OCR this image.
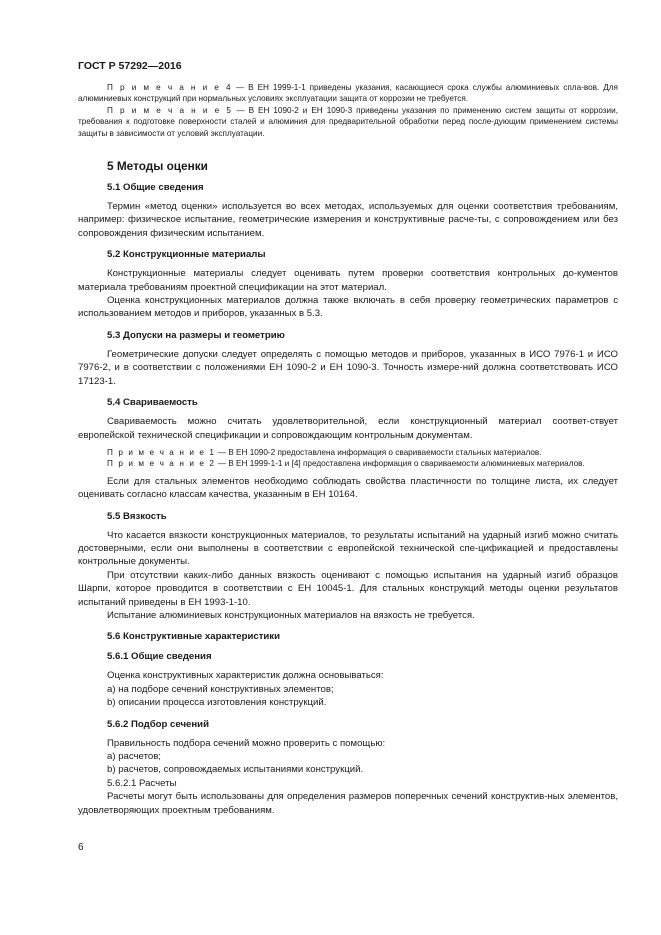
ГОСТ Р 57292—2016

П р и м е ч а н и е 4 — В ЕН 1999-1-1 приведены указания, касающиеся срока службы алюминиевых спла-вов. Для алюминиевых конструкций при нормальных условиях эксплуатации защита от коррозии не требуется.

П р и м е ч а н и е 5 — В ЕН 1090-2 и ЕН 1090-3 приведены указания по применению систем защиты от коррозии, требования к подготовке поверхности сталей и алюминия для предварительной обработки перед после-дующим применением системы защиты в зависимости от условий эксплуатации.

5 Методы оценки
5.1 Общие сведения

Термин «метод оценки» используется во всех методах, используемых для оценки соответствия требованиям, например: физическое испытание, геометрические измерения и конструктивные расче-ты, с сопровождением или без сопровождения физическим испытанием.

5.2 Конструкционные материалы

Конструкционные материалы следует оценивать путем проверки соответствия контрольных до-кументов материала требованиям проектной спецификации на этот материал.

Оценка конструкционных материалов должна также включать в себя проверку геометрических параметров с использованием методов и приборов, указанных в 5.3.

5.3 Допуски на размеры и геометрию

Геометрические допуски следует определять с помощью методов и приборов, указанных в ИСО 7976-1 и ИСО 7976-2, и в соответствии с положениями ЕН 1090-2 и ЕН 1090-3. Точность измере-ний должна соответствовать ИСО 17123-1.

5.4 Свариваемость

Свариваемость можно считать удовлетворительной, если конструкционный материал соответ-ствует европейской технической спецификации и сопровождающим контрольным документам.

П р и м е ч а н и е 1 — В ЕН 1090-2 предоставлена информация о свариваемости стальных материалов.

П р и м е ч а н и е 2 — В ЕН 1999-1-1 и [4] предоставлена информация о свариваемости алюминиевых материалов.

Если для стальных элементов необходимо соблюдать свойства пластичности по толщине листа, их следует оценивать согласно классам качества, указанным в ЕН 10164.

5.5 Вязкость

Что касается вязкости конструкционных материалов, то результаты испытаний на ударный изгиб можно считать достоверными, если они выполнены в соответствии с европейской технической спе-цификацией и предоставлены контрольные документы.

При отсутствии каких-либо данных вязкость оценивают с помощью испытания на ударный изгиб образцов Шарпи, которое проводится в соответствии с ЕН 10045-1. Для стальных конструкций методы оценки результатов испытаний приведены в ЕН 1993-1-10.

Испытание алюминиевых конструкционных материалов на вязкость не требуется.

5.6 Конструктивные характеристики
5.6.1 Общие сведения

Оценка конструктивных характеристик должна основываться:

а) на подборе сечений конструктивных элементов;

b) описании процесса изготовления конструкций.

5.6.2 Подбор сечений

Правильность подбора сечений можно проверить с помощью:

а) расчетов;

b) расчетов, сопровождаемых испытаниями конструкций.

5.6.2.1 Расчеты

Расчеты могут быть использованы для определения размеров поперечных сечений конструктив-ных элементов, удовлетворяющих проектным требованиям.

6
